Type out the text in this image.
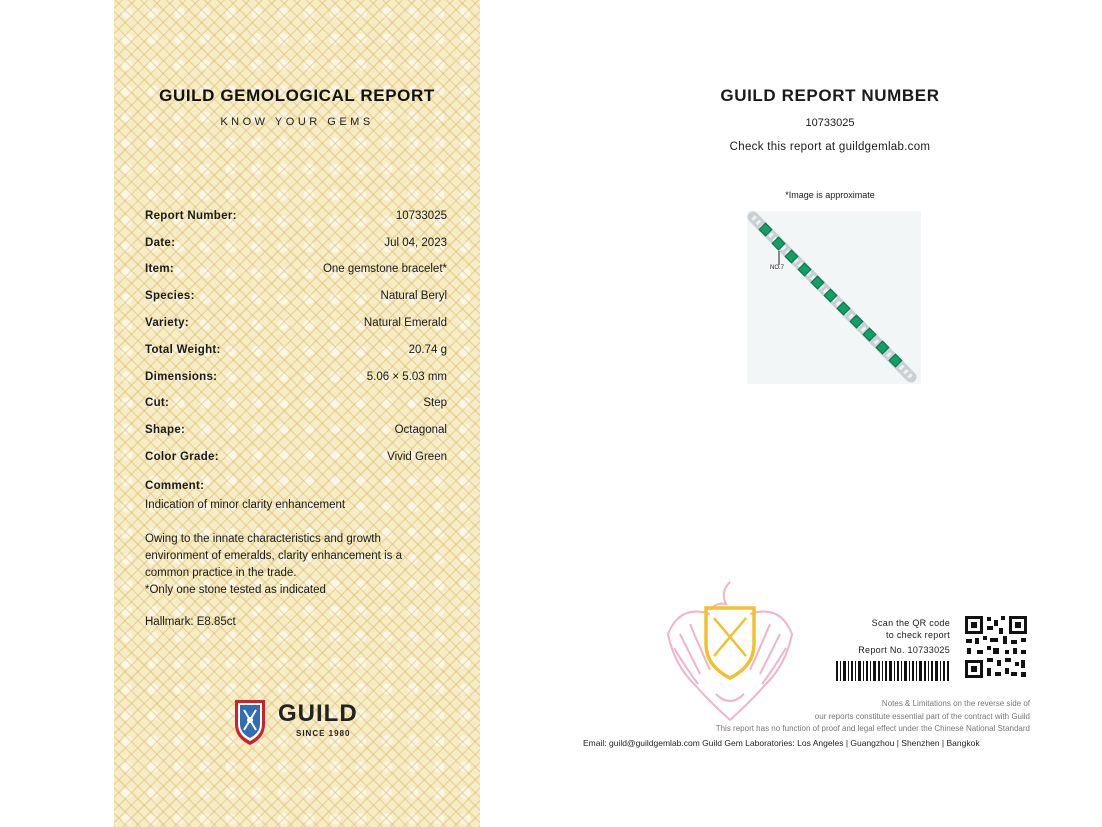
GUILD GEMOLOGICAL REPORT
KNOW YOUR GEMS
Report Number:	10733025
Date:	Jul 04, 2023
Item:	One gemstone bracelet*
Species:	Natural Beryl
Variety:	Natural Emerald
Total Weight:	20.74 g
Dimensions:	5.06 × 5.03 mm
Cut:	Step
Shape:	Octagonal
Color Grade:	Vivid Green
Comment:
Indication of minor clarity enhancement
Owing to the innate characteristics and growth
environment of emeralds, clarity enhancement is a
common practice in the trade.
*Only one stone tested as indicated
Hallmark: E8.85ct
GUILD
SINCE 1980
GUILD REPORT NUMBER
10733025
Check this report at guildgemlab.com
*Image is approximate
NO.7
Scan the QR code
to check report
Report No. 10733025
Notes & Limitations on the reverse side of
our reports constitute essential part of the contract with Guild
This report has no function of proof and legal effect under the Chinese National Standard
Email: guild@guildgemlab.com Guild Gem Laboratories: Los Angeles | Guangzhou | Shenzhen | Bangkok
